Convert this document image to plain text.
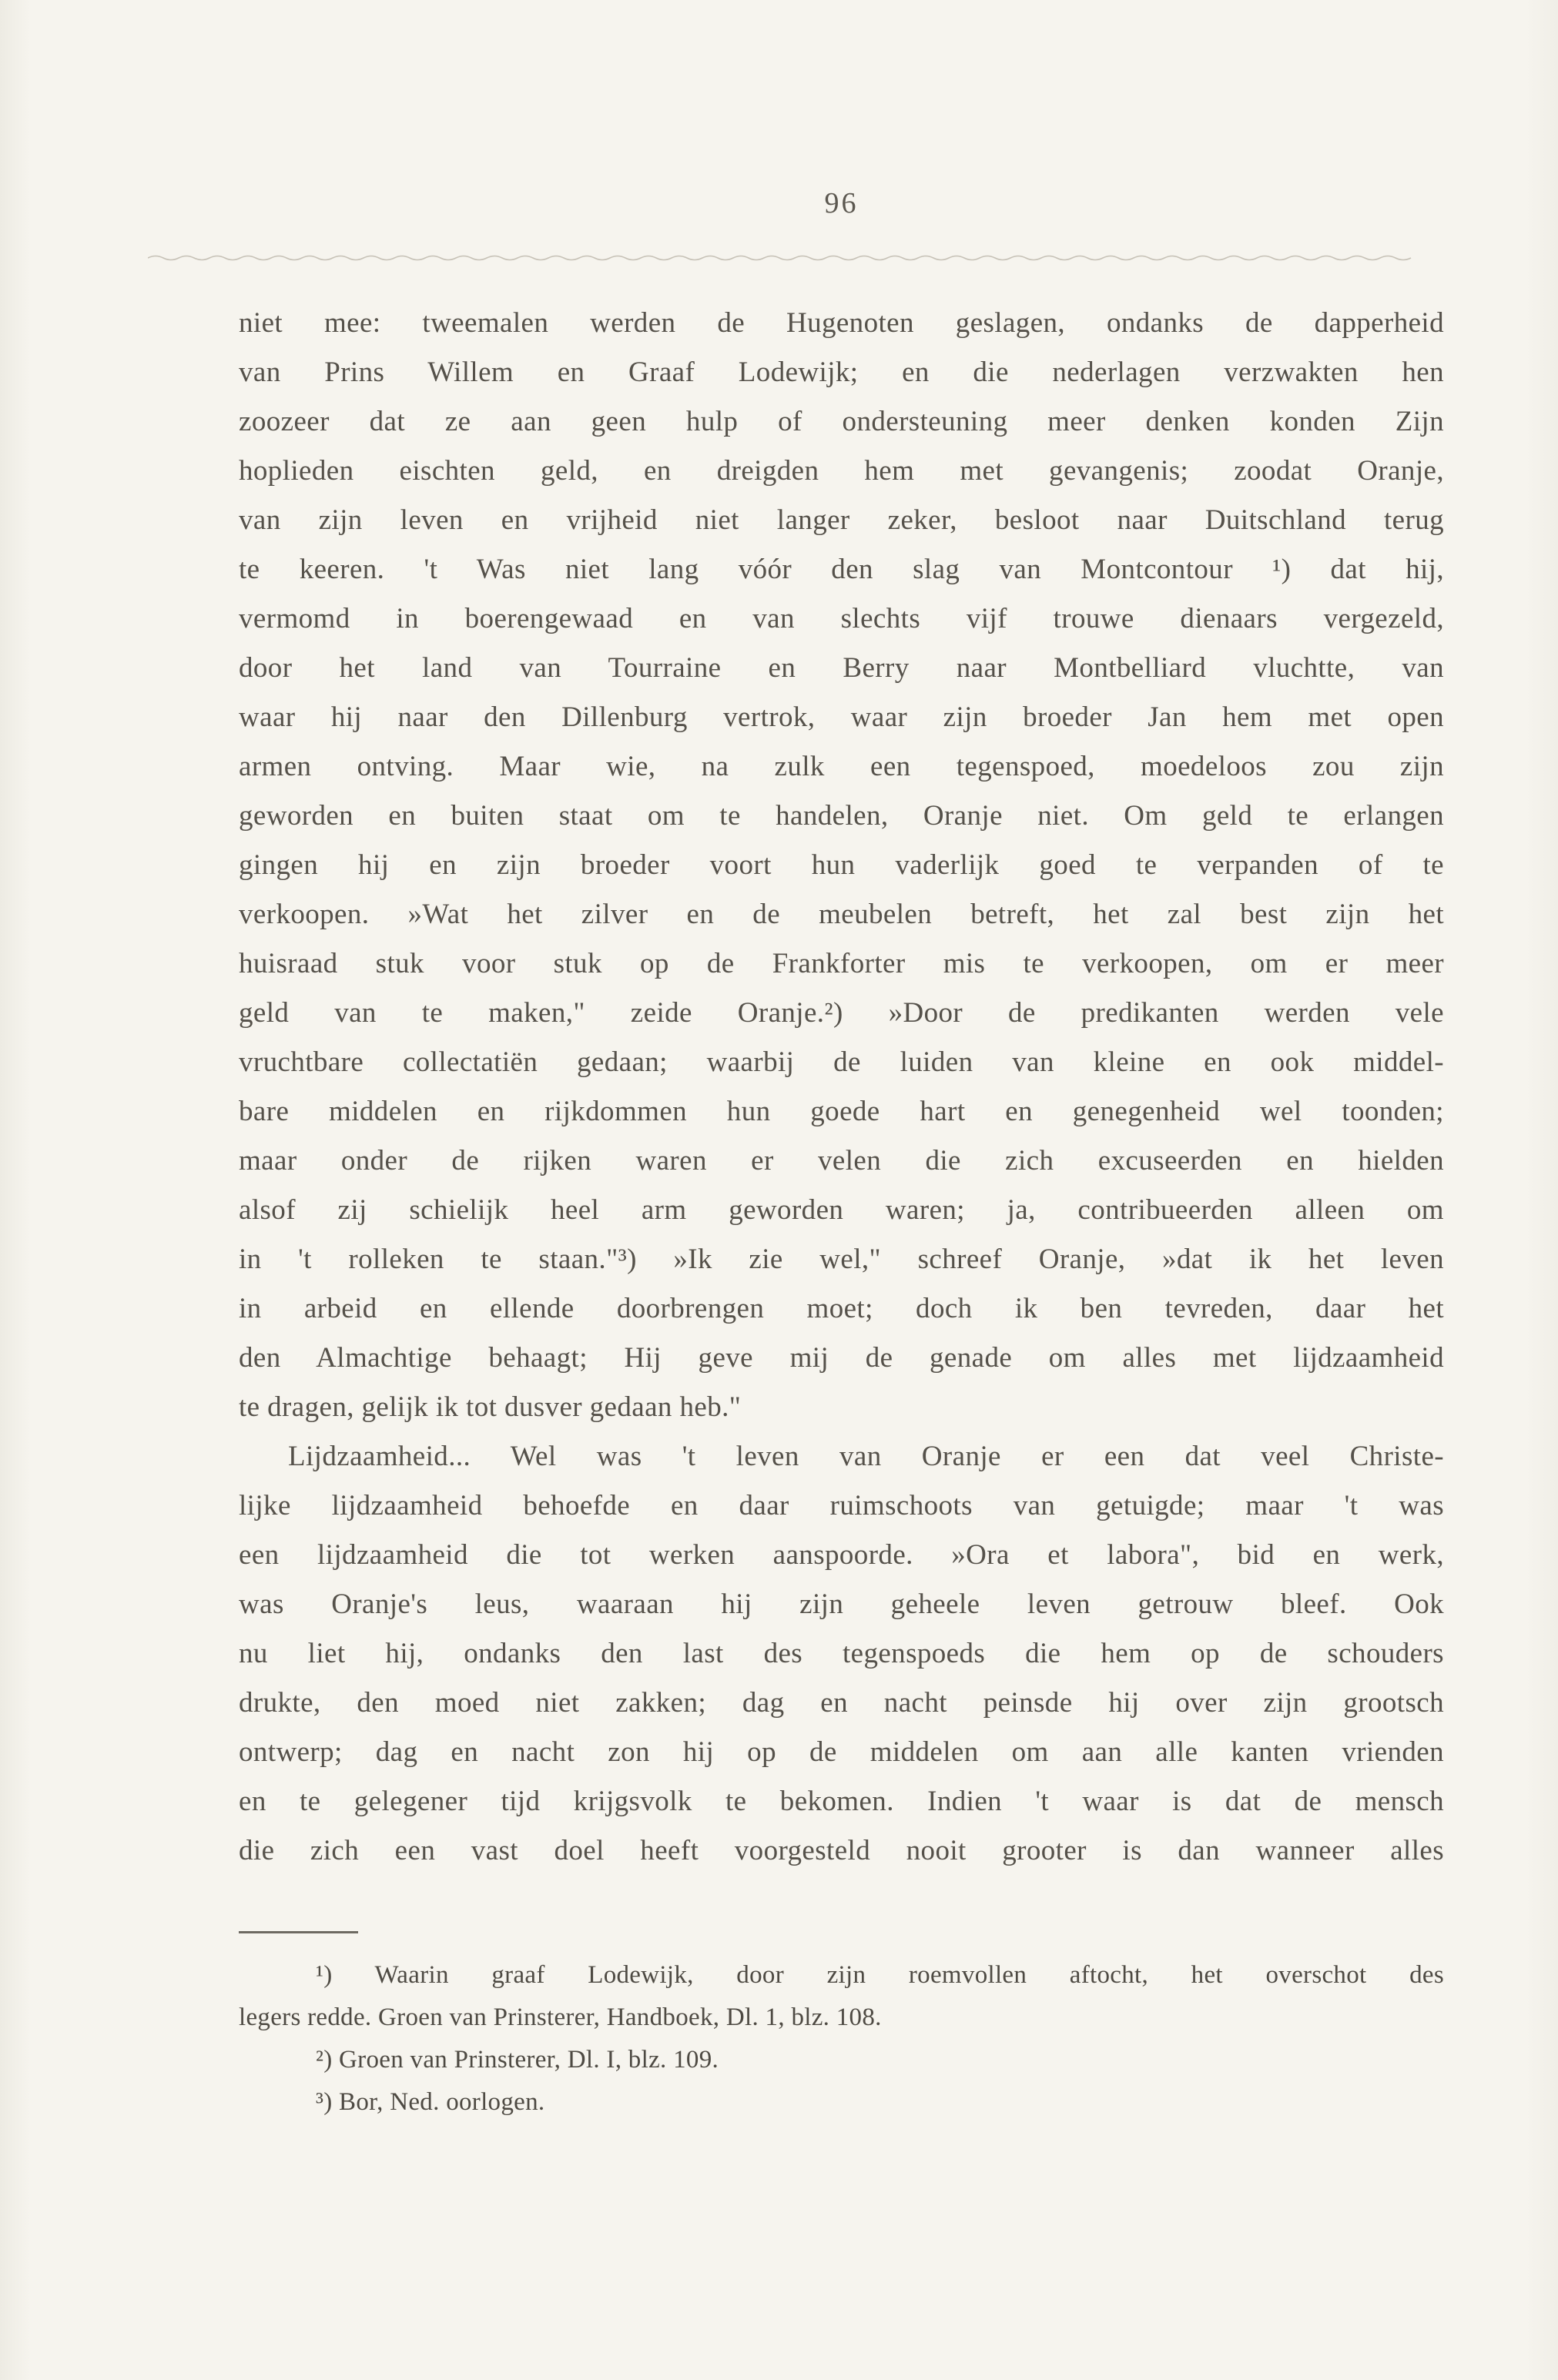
96
niet mee: tweemalen werden de Hugenoten geslagen, ondanks de dapperheid
van Prins Willem en Graaf Lodewijk; en die nederlagen verzwakten hen
zoozeer dat ze aan geen hulp of ondersteuning meer denken konden Zijn
hoplieden eischten geld, en dreigden hem met gevangenis; zoodat Oranje,
van zijn leven en vrijheid niet langer zeker, besloot naar Duitschland terug
te keeren. 't Was niet lang vóór den slag van Montcontour ¹) dat hij,
vermomd in boerengewaad en van slechts vijf trouwe dienaars vergezeld,
door het land van Tourraine en Berry naar Montbelliard vluchtte, van
waar hij naar den Dillenburg vertrok, waar zijn broeder Jan hem met open
armen ontving. Maar wie, na zulk een tegenspoed, moedeloos zou zijn
geworden en buiten staat om te handelen, Oranje niet. Om geld te erlangen
gingen hij en zijn broeder voort hun vaderlijk goed te verpanden of te
verkoopen. »Wat het zilver en de meubelen betreft, het zal best zijn het
huisraad stuk voor stuk op de Frankforter mis te verkoopen, om er meer
geld van te maken," zeide Oranje.²) »Door de predikanten werden vele
vruchtbare collectatiën gedaan; waarbij de luiden van kleine en ook middel-
bare middelen en rijkdommen hun goede hart en genegenheid wel toonden;
maar onder de rijken waren er velen die zich excuseerden en hielden
alsof zij schielijk heel arm geworden waren; ja, contribueerden alleen om
in 't rolleken te staan."³) »Ik zie wel," schreef Oranje, »dat ik het leven
in arbeid en ellende doorbrengen moet; doch ik ben tevreden, daar het
den Almachtige behaagt; Hij geve mij de genade om alles met lijdzaamheid
te dragen, gelijk ik tot dusver gedaan heb."
Lijdzaamheid... Wel was 't leven van Oranje er een dat veel Christe-
lijke lijdzaamheid behoefde en daar ruimschoots van getuigde; maar 't was
een lijdzaamheid die tot werken aanspoorde. »Ora et labora", bid en werk,
was Oranje's leus, waaraan hij zijn geheele leven getrouw bleef. Ook
nu liet hij, ondanks den last des tegenspoeds die hem op de schouders
drukte, den moed niet zakken; dag en nacht peinsde hij over zijn grootsch
ontwerp; dag en nacht zon hij op de middelen om aan alle kanten vrienden
en te gelegener tijd krijgsvolk te bekomen. Indien 't waar is dat de mensch
die zich een vast doel heeft voorgesteld nooit grooter is dan wanneer alles
¹) Waarin graaf Lodewijk, door zijn roemvollen aftocht, het overschot des
legers redde. Groen van Prinsterer, Handboek, Dl. 1, blz. 108.
²) Groen van Prinsterer, Dl. I, blz. 109.
³) Bor, Ned. oorlogen.
